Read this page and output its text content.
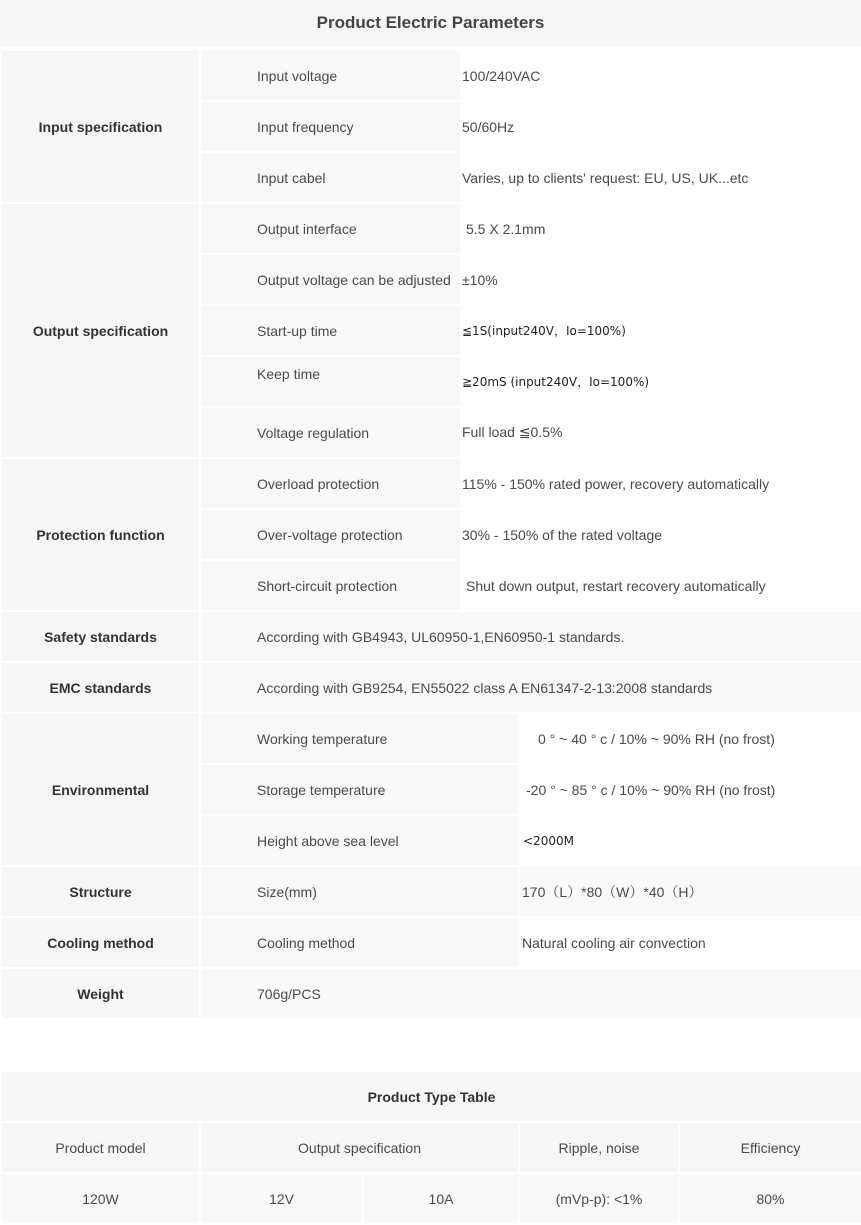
Product Electric Parameters
Input specification	Input voltage	100/240VAC	

	Input frequency	50/60Hz	

	Input cabel	Varies, up to clients' request: EU, US, UK...etc	

Output specification	Output interface	5.5 X 2.1mm	

	Output voltage can be adjusted	±10%	

	Start-up time	≦1S(input240V，Io=100%)	

	Keep time	≧20mS (input240V，Io=100%)	

	Voltage regulation	Full load ≦0.5%	

Protection function	Overload protection	115% - 150% rated power, recovery automatically	

	Over-voltage protection	30% - 150% of the rated voltage	

	Short-circuit protection	Shut down output, restart recovery automatically	

Safety standards	According with GB4943, UL60950-1,EN60950-1 standards.		
EMC standards	According with GB9254, EN55022 class A EN61347-2-13:2008 standards		
Environmental	Working temperature		0 ° ~ 40 ° c / 10% ~ 90% RH (no frost)

	Storage temperature		-20 ° ~ 85 ° c / 10% ~ 90% RH (no frost)

	Height above sea level		<2000M

Structure	Size(mm)		170（L）*80（W）*40（H）

Cooling method	Cooling method		Natural cooling air convection

Weight	706g/PCS		
Product Type Table				
Product model	Output specification		Ripple, noise	Efficiency
120W	12V	10A	(mVp-p): <1%	80%
